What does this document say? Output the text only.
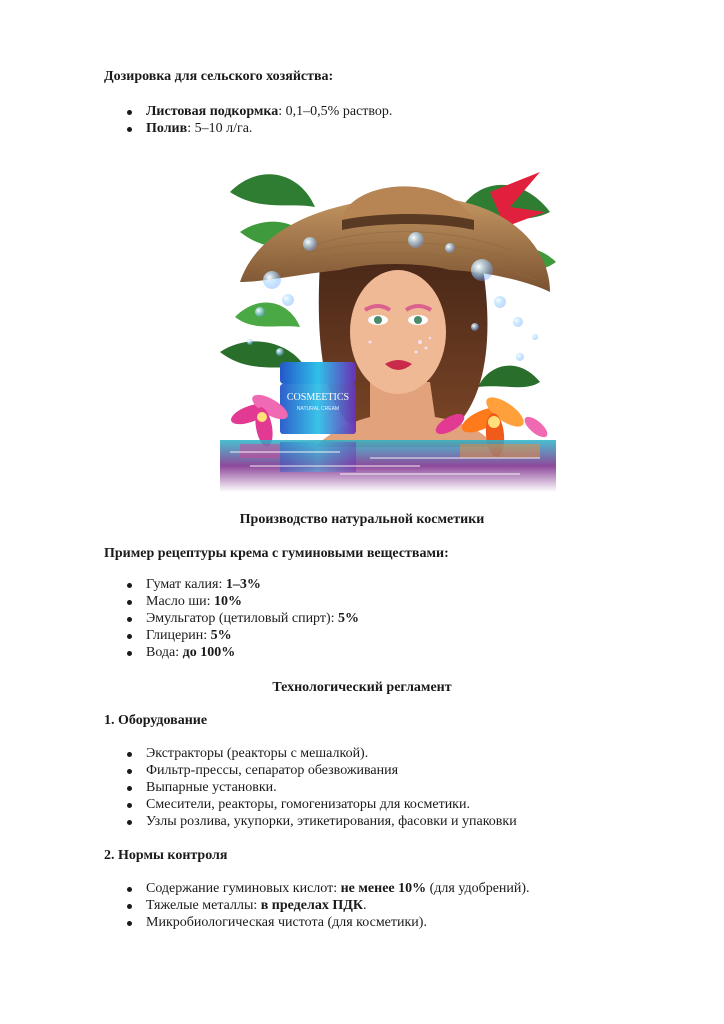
Дозировка для сельского хозяйства:
Листовая подкормка: 0,1–0,5% раствор.
Полив: 5–10 л/га.
COSMEETICS
NATURAL CREAM
Производство натуральной косметики
Пример рецептуры крема с гуминовыми веществами:
Гумат калия: 1–3%
Масло ши: 10%
Эмульгатор (цетиловый спирт): 5%
Глицерин: 5%
Вода: до 100%
Технологический регламент
1. Оборудование
Экстракторы (реакторы с мешалкой).
Фильтр-прессы, сепаратор обезвоживания
Выпарные установки.
Смесители, реакторы, гомогенизаторы для косметики.
Узлы розлива, укупорки, этикетирования, фасовки и упаковки
2. Нормы контроля
Содержание гуминовых кислот: не менее 10% (для удобрений).
Тяжелые металлы: в пределах ПДК.
Микробиологическая чистота (для косметики).
